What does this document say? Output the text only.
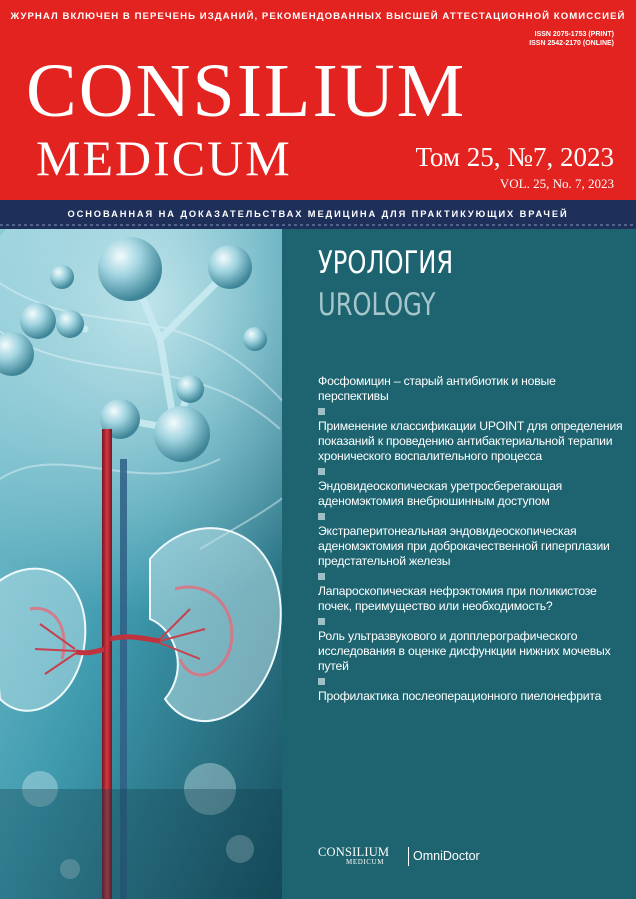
ЖУРНАЛ ВКЛЮЧЕН В ПЕРЕЧЕНЬ ИЗДАНИЙ, РЕКОМЕНДОВАННЫХ ВЫСШЕЙ АТТЕСТАЦИОННОЙ КОМИССИЕЙ
ISSN 2075-1753 (PRINT)
ISSN 2542-2170 (ONLINE)
CONSILIUM
MEDICUM	Том 25, №7, 2023
VOL. 25, No. 7, 2023
ОСНОВАННАЯ НА ДОКАЗАТЕЛЬСТВАХ МЕДИЦИНА ДЛЯ ПРАКТИКУЮЩИХ ВРАЧЕЙ
УРОЛОГИЯ
UROLOGY
Фосфомицин – старый антибиотик и новые перспективы
Применение классификации UPOINT для определения показаний к проведению антибактериальной терапии хронического воспалительного процесса
Эндовидеоскопическая уретросберегающая аденомэктомия внебрюшинным доступом
Экстраперитонеальная эндовидеоскопическая аденомэктомия при доброкачественной гиперплазии предстательной железы
Лапароскопическая нефрэктомия при поликистозе почек, преимущество или необходимость?
Роль ультразвукового и допплерографического исследования в оценке дисфункции нижних мочевых путей
Профилактика послеоперационного пиелонефрита
CONSILIUM
MEDICUM OmniDoctor
